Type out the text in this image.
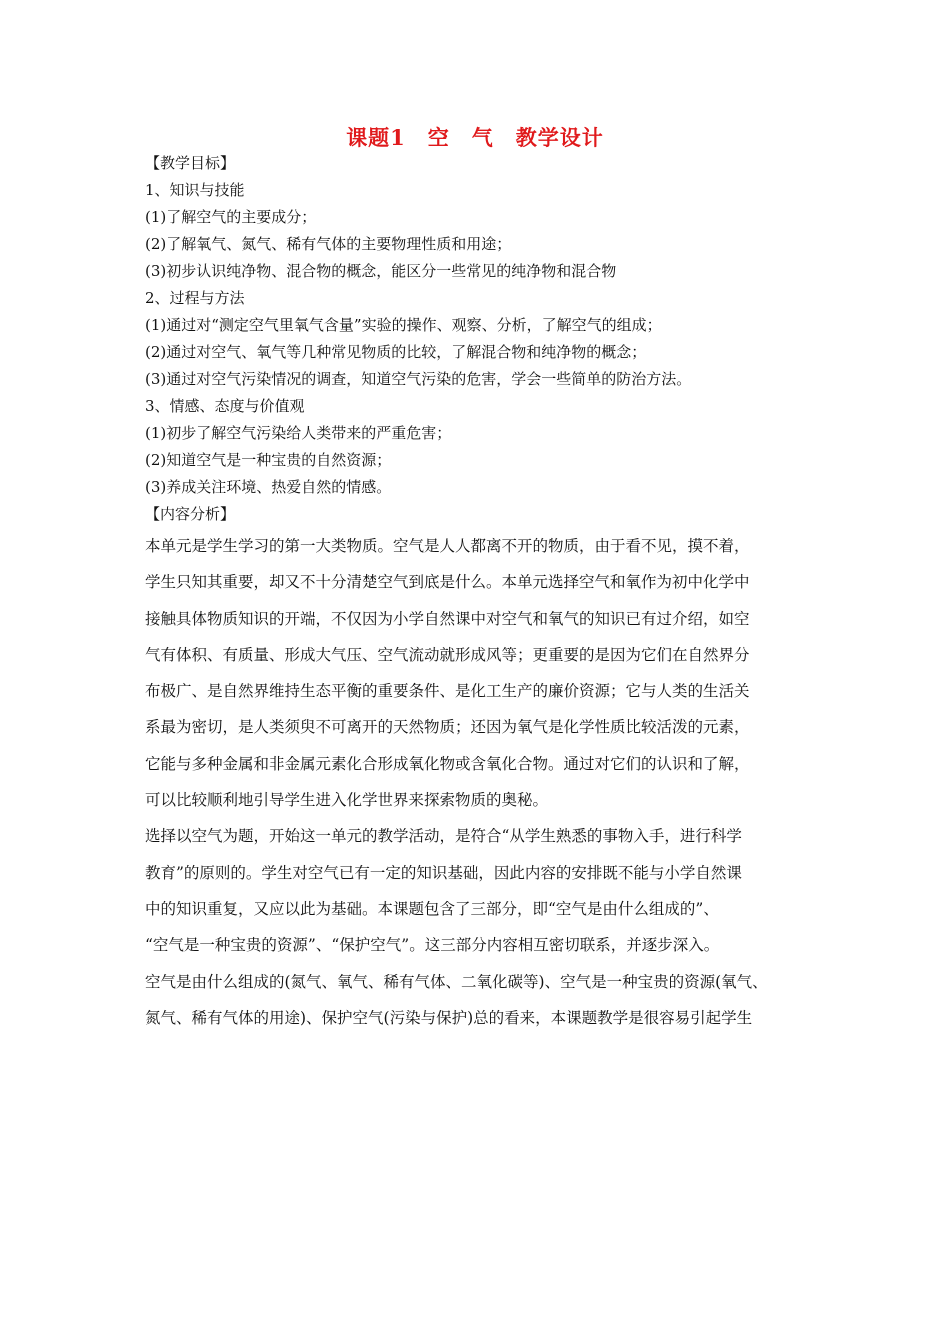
课题1　空　气　教学设计
【教学目标】
1、知识与技能
(1)了解空气的主要成分；
(2)了解氧气、氮气、稀有气体的主要物理性质和用途；
(3)初步认识纯净物、混合物的概念，能区分一些常见的纯净物和混合物
2、过程与方法
(1)通过对“测定空气里氧气含量”实验的操作、观察、分析，了解空气的组成；
(2)通过对空气、氧气等几种常见物质的比较，了解混合物和纯净物的概念；
(3)通过对空气污染情况的调查，知道空气污染的危害，学会一些简单的防治方法。
3、情感、态度与价值观
(1)初步了解空气污染给人类带来的严重危害；
(2)知道空气是一种宝贵的自然资源；
(3)养成关注环境、热爱自然的情感。
【内容分析】
本单元是学生学习的第一大类物质。空气是人人都离不开的物质，由于看不见，摸不着，
学生只知其重要，却又不十分清楚空气到底是什么。本单元选择空气和氧作为初中化学中
接触具体物质知识的开端，不仅因为小学自然课中对空气和氧气的知识已有过介绍，如空
气有体积、有质量、形成大气压、空气流动就形成风等；更重要的是因为它们在自然界分
布极广、是自然界维持生态平衡的重要条件、是化工生产的廉价资源；它与人类的生活关
系最为密切，是人类须臾不可离开的天然物质；还因为氧气是化学性质比较活泼的元素，
它能与多种金属和非金属元素化合形成氧化物或含氧化合物。通过对它们的认识和了解，
可以比较顺利地引导学生进入化学世界来探索物质的奥秘。
选择以空气为题，开始这一单元的教学活动，是符合“从学生熟悉的事物入手，进行科学
教育”的原则的。学生对空气已有一定的知识基础，因此内容的安排既不能与小学自然课
中的知识重复，又应以此为基础。本课题包含了三部分，即“空气是由什么组成的”、
“空气是一种宝贵的资源”、“保护空气”。这三部分内容相互密切联系，并逐步深入。
空气是由什么组成的(氮气、氧气、稀有气体、二氧化碳等)、空气是一种宝贵的资源(氧气、
氮气、稀有气体的用途)、保护空气(污染与保护)总的看来，本课题教学是很容易引起学生
